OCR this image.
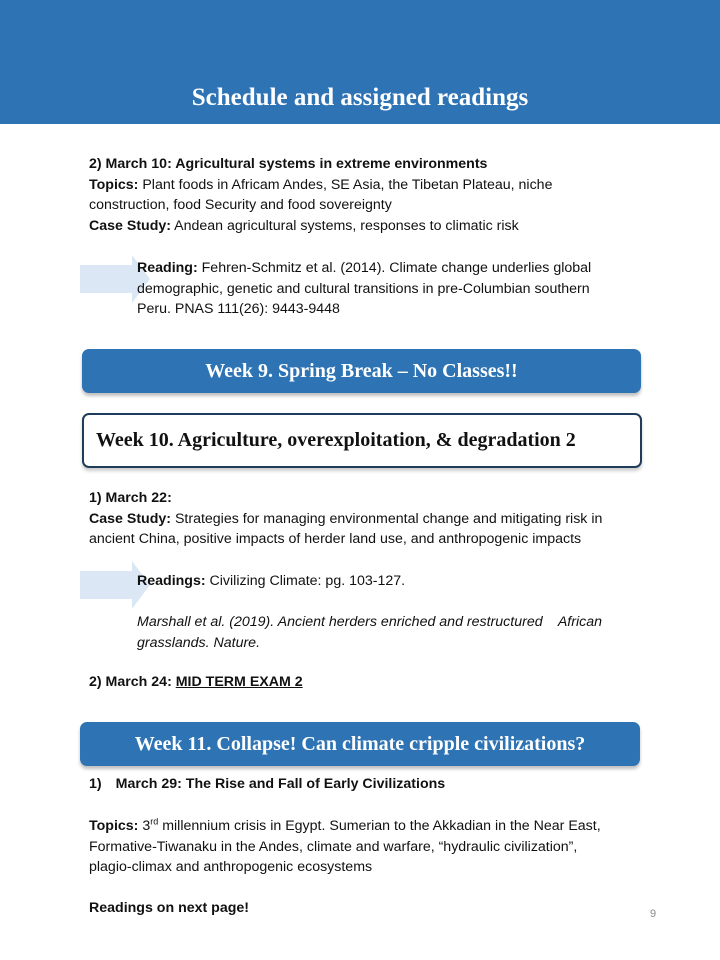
Schedule and assigned readings

2) March 10: Agricultural systems in extreme environments

Topics: Plant foods in Africam Andes, SE Asia, the Tibetan Plateau, niche

construction, food Security and food sovereignty

Case Study: Andean agricultural systems, responses to climatic risk

Reading: Fehren-Schmitz et al. (2014). Climate change underlies global

demographic, genetic and cultural transitions in pre-Columbian southern

Peru. PNAS 111(26): 9443-9448

Week 9. Spring Break – No Classes!!
Week 10. Agriculture, overexploitation, & degradation 2

1) March 22:

Case Study: Strategies for managing environmental change and mitigating risk in

ancient China, positive impacts of herder land use, and anthropogenic impacts

Readings: Civilizing Climate: pg. 103-127.

Marshall et al. (2019). Ancient herders enriched and restructured    African

grasslands. Nature.

2) March 24: MID TERM EXAM 2

Week 11. Collapse! Can climate cripple civilizations?

1) March 29: The Rise and Fall of Early Civilizations

Topics: 3rd millennium crisis in Egypt. Sumerian to the Akkadian in the Near East,

Formative-Tiwanaku in the Andes, climate and warfare, “hydraulic civilization”,

plagio-climax and anthropogenic ecosystems

Readings on next page!	9
